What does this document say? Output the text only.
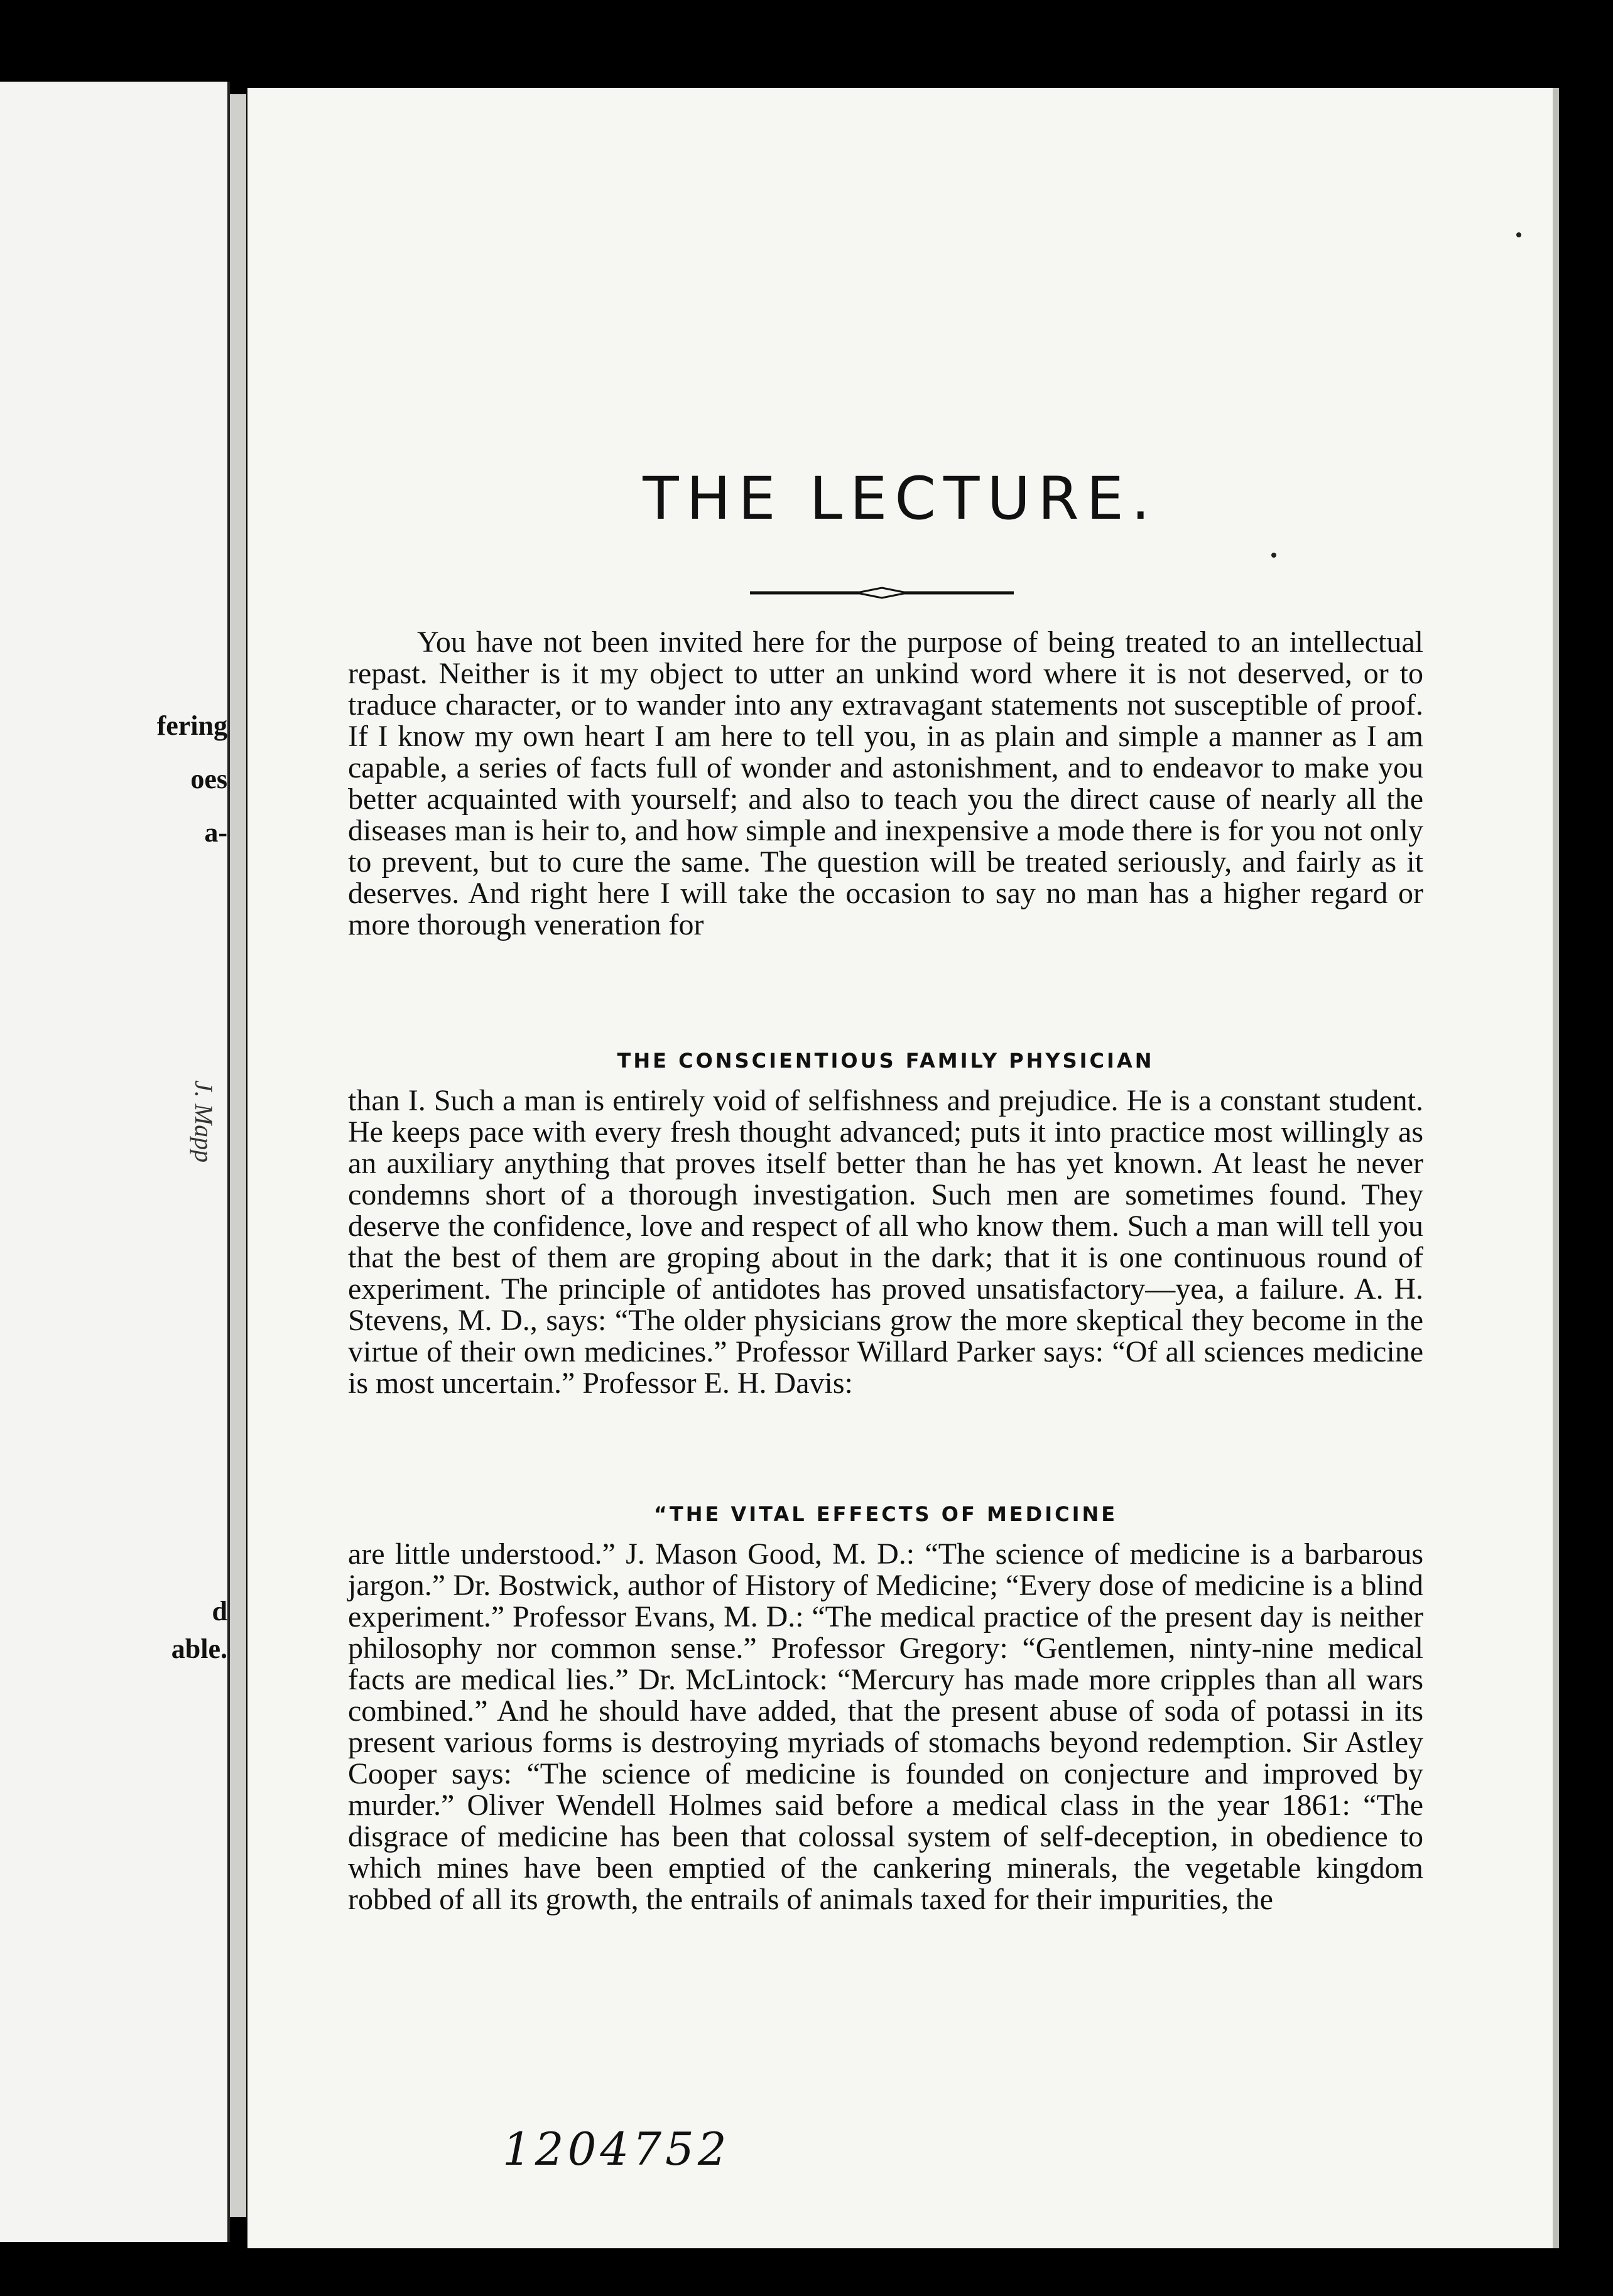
fering
oes
a-
d
able.
J. Mapp
THE LECTURE.

You have not been invited here for the purpose of being treated to an intellectual repast. Neither is it my object to utter an unkind word where it is not deserved, or to traduce character, or to wander into any extravagant statements not susceptible of proof. If I know my own heart I am here to tell you, in as plain and simple a manner as I am capable, a series of facts full of wonder and astonishment, and to endeavor to make you better acquainted with yourself; and also to teach you the direct cause of nearly all the diseases man is heir to, and how simple and inexpensive a mode there is for you not only to prevent, but to cure the same. The question will be treated seriously, and fairly as it deserves. And right here I will take the occasion to say no man has a higher regard or more thorough veneration for

THE CONSCIENTIOUS FAMILY PHYSICIAN

than I. Such a man is entirely void of selfishness and prejudice. He is a constant student. He keeps pace with every fresh thought advanced; puts it into practice most willingly as an auxiliary anything that proves itself better than he has yet known. At least he never condemns short of a thorough investigation. Such men are sometimes found. They deserve the confidence, love and respect of all who know them. Such a man will tell you that the best of them are groping about in the dark; that it is one continuous round of experiment. The principle of antidotes has proved unsatisfactory—yea, a failure. A. H. Stevens, M. D., says: “The older physicians grow the more skeptical they become in the virtue of their own medicines.” Professor Willard Parker says: “Of all sciences medicine is most uncertain.” Professor E. H. Davis:

“THE VITAL EFFECTS OF MEDICINE

are little understood.” J. Mason Good, M. D.: “The science of medicine is a barbarous jargon.” Dr. Bostwick, author of History of Medicine; “Every dose of medicine is a blind experiment.” Professor Evans, M. D.: “The medical practice of the present day is neither philosophy nor common sense.” Professor Gregory: “Gentlemen, ninty-nine medical facts are medical lies.” Dr. McLintock: “Mercury has made more cripples than all wars combined.” And he should have added, that the present abuse of soda of potassi in its present various forms is destroying myriads of stomachs beyond redemption. Sir Astley Cooper says: “The science of medicine is founded on conjecture and improved by murder.” Oliver Wendell Holmes said before a medical class in the year 1861: “The disgrace of medicine has been that colossal system of self-deception, in obedience to which mines have been emptied of the cankering minerals, the vegetable kingdom robbed of all its growth, the entrails of animals taxed for their impurities, the

1204752
